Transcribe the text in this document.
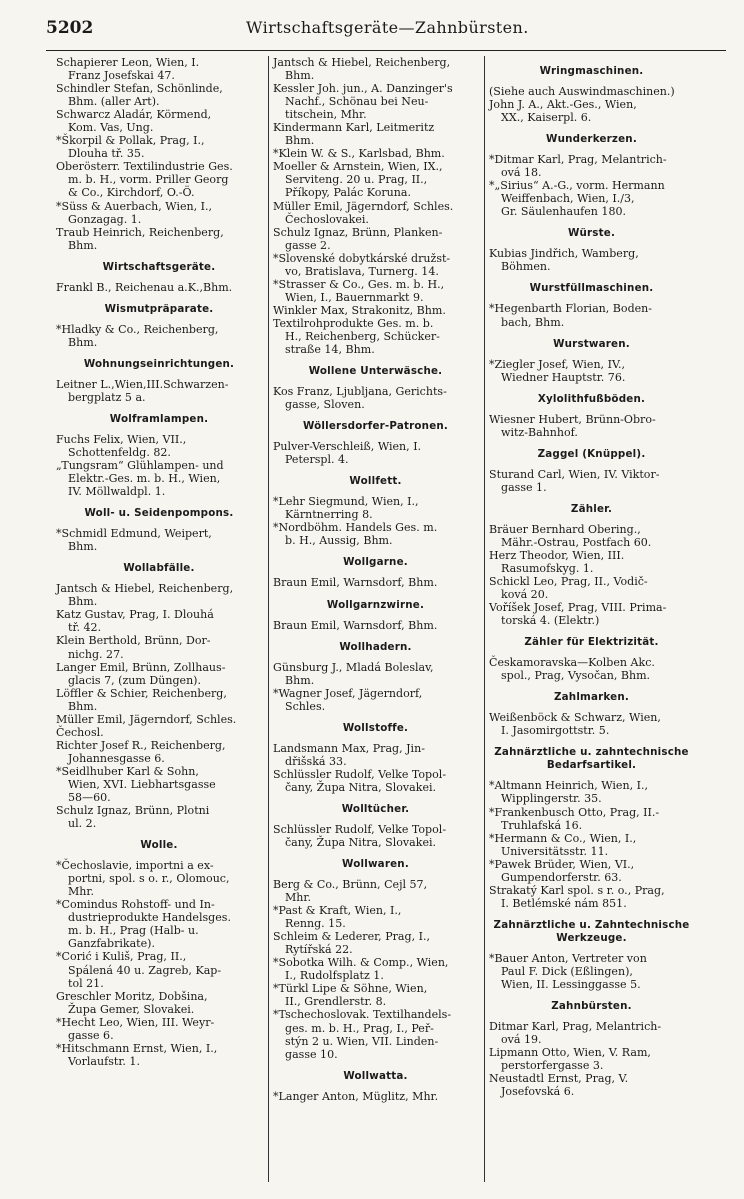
5202	Wirtschaftsgeräte—Zahnbürsten.
Schapierer Leon, Wien, I.
Franz Josefskai 47.
Schindler Stefan, Schönlinde,
Bhm. (aller Art).
Schwarcz Aladár, Körmend,
Kom. Vas, Ung.
*Škorpil & Pollak, Prag, I.,
Dlouha tř. 35.
Oberösterr. Textilindustrie Ges.
m. b. H., vorm. Priller Georg
& Co., Kirchdorf, O.-Ö.
*Süss & Auerbach, Wien, I.,
Gonzagag. 1.
Traub Heinrich, Reichenberg,
Bhm.
Wirtschaftsgeräte.
Frankl B., Reichenau a.K.,Bhm.
Wismutpräparate.
*Hladky & Co., Reichenberg,
Bhm.
Wohnungseinrichtungen.
Leitner L.,Wien,III.Schwarzen-
bergplatz 5 a.
Wolframlampen.
Fuchs Felix, Wien, VII.,
Schottenfeldg. 82.
„Tungsram“ Glühlampen- und
Elektr.-Ges. m. b. H., Wien,
IV. Möllwaldpl. 1.
Woll- u. Seidenpompons.
*Schmidl Edmund, Weipert,
Bhm.
Wollabfälle.
Jantsch & Hiebel, Reichenberg,
Bhm.
Katz Gustav, Prag, I. Dlouhá
tř. 42.
Klein Berthold, Brünn, Dor-
nichg. 27.
Langer Emil, Brünn, Zollhaus-
glacis 7, (zum Düngen).
Löffler & Schier, Reichenberg,
Bhm.
Müller Emil, Jägerndorf, Schles.
Čechosl.
Richter Josef R., Reichenberg,
Johannesgasse 6.
*Seidlhuber Karl & Sohn,
Wien, XVI. Liebhartsgasse
58—60.
Schulz Ignaz, Brünn, Plotni
ul. 2.
Wolle.
*Čechoslavie, importni a ex-
portni, spol. s o. r., Olomouc,
Mhr.
*Comindus Rohstoff- und In-
dustrieprodukte Handelsges.
m. b. H., Prag (Halb- u.
Ganzfabrikate).
*Corić i Kuliš, Prag, II.,
Spálená 40 u. Zagreb, Kap-
tol 21.
Greschler Moritz, Dobšina,
Župa Gemer, Slovakei.
*Hecht Leo, Wien, III. Weyr-
gasse 6.
*Hitschmann Ernst, Wien, I.,
Vorlaufstr. 1.
Jantsch & Hiebel, Reichenberg,
Bhm.
Kessler Joh. jun., A. Danzinger's
Nachf., Schönau bei Neu-
titschein, Mhr.
Kindermann Karl, Leitmeritz
Bhm.
*Klein W. & S., Karlsbad, Bhm.
Moeller & Arnstein, Wien, IX.,
Serviteng. 20 u. Prag, II.,
Příkopy, Palác Koruna.
Müller Emil, Jägerndorf, Schles.
Čechoslovakei.
Schulz Ignaz, Brünn, Planken-
gasse 2.
*Slovenské dobytkárské družst-
vo, Bratislava, Turnerg. 14.
*Strasser & Co., Ges. m. b. H.,
Wien, I., Bauernmarkt 9.
Winkler Max, Strakonitz, Bhm.
Textilrohprodukte Ges. m. b.
H., Reichenberg, Schücker-
straße 14, Bhm.
Wollene Unterwäsche.
Kos Franz, Ljubljana, Gerichts-
gasse, Sloven.
Wöllersdorfer-Patronen.
Pulver-Verschleiß, Wien, I.
Peterspl. 4.
Wollfett.
*Lehr Siegmund, Wien, I.,
Kärntnerring 8.
*Nordböhm. Handels Ges. m.
b. H., Aussig, Bhm.
Wollgarne.
Braun Emil, Warnsdorf, Bhm.
Wollgarnzwirne.
Braun Emil, Warnsdorf, Bhm.
Wollhadern.
Günsburg J., Mladá Boleslav,
Bhm.
*Wagner Josef, Jägerndorf,
Schles.
Wollstoffe.
Landsmann Max, Prag, Jin-
dřišská 33.
Schlüssler Rudolf, Velke Topol-
čany, Župa Nitra, Slovakei.
Wolltücher.
Schlüssler Rudolf, Velke Topol-
čany, Župa Nitra, Slovakei.
Wollwaren.
Berg & Co., Brünn, Cejl 57,
Mhr.
*Past & Kraft, Wien, I.,
Renng. 15.
Schleim & Lederer, Prag, I.,
Rytířská 22.
*Sobotka Wilh. & Comp., Wien,
I., Rudolfsplatz 1.
*Türkl Lipe & Söhne, Wien,
II., Grendlerstr. 8.
*Tschechoslovak. Textilhandels-
ges. m. b. H., Prag, I., Peř-
stýn 2 u. Wien, VII. Linden-
gasse 10.
Wollwatta.
*Langer Anton, Müglitz, Mhr.
Wringmaschinen.
(Siehe auch Auswindmaschinen.)
John J. A., Akt.-Ges., Wien,
XX., Kaiserpl. 6.
Wunderkerzen.
*Ditmar Karl, Prag, Melantrich-
ová 18.
*„Sirius“ A.-G., vorm. Hermann
Weiffenbach, Wien, I./3,
Gr. Säulenhaufen 180.
Würste.
Kubias Jindřich, Wamberg,
Böhmen.
Wurstfüllmaschinen.
*Hegenbarth Florian, Boden-
bach, Bhm.
Wurstwaren.
*Ziegler Josef, Wien, IV.,
Wiedner Hauptstr. 76.
Xylolithfußböden.
Wiesner Hubert, Brünn-Obro-
witz-Bahnhof.
Zaggel (Knüppel).
Sturand Carl, Wien, IV. Viktor-
gasse 1.
Zähler.
Bräuer Bernhard Obering.,
Mähr.-Ostrau, Postfach 60.
Herz Theodor, Wien, III.
Rasumofskyg. 1.
Schickl Leo, Prag, II., Vodič-
ková 20.
Voříšek Josef, Prag, VIII. Prima-
torská 4. (Elektr.)
Zähler für Elektrizität.
Českamoravska—Kolben Akc.
spol., Prag, Vysočan, Bhm.
Zahlmarken.
Weißenböck & Schwarz, Wien,
I. Jasomirgottstr. 5.
Zahnärztliche u. zahntechnische Bedarfsartikel.
*Altmann Heinrich, Wien, I.,
Wipplingerstr. 35.
*Frankenbusch Otto, Prag, II.-
Truhlafská 16.
*Hermann & Co., Wien, I.,
Universitätsstr. 11.
*Pawek Brüder, Wien, VI.,
Gumpendorferstr. 63.
Strakatý Karl spol. s r. o., Prag,
I. Betlémské nám 851.
Zahnärztliche u. Zahntechnische Werkzeuge.
*Bauer Anton, Vertreter von
Paul F. Dick (Eßlingen),
Wien, II. Lessinggasse 5.
Zahnbürsten.
Ditmar Karl, Prag, Melantrich-
ová 19.
Lipmann Otto, Wien, V. Ram,
perstorfergasse 3.
Neustadtl Ernst, Prag, V.
Josefovská 6.
